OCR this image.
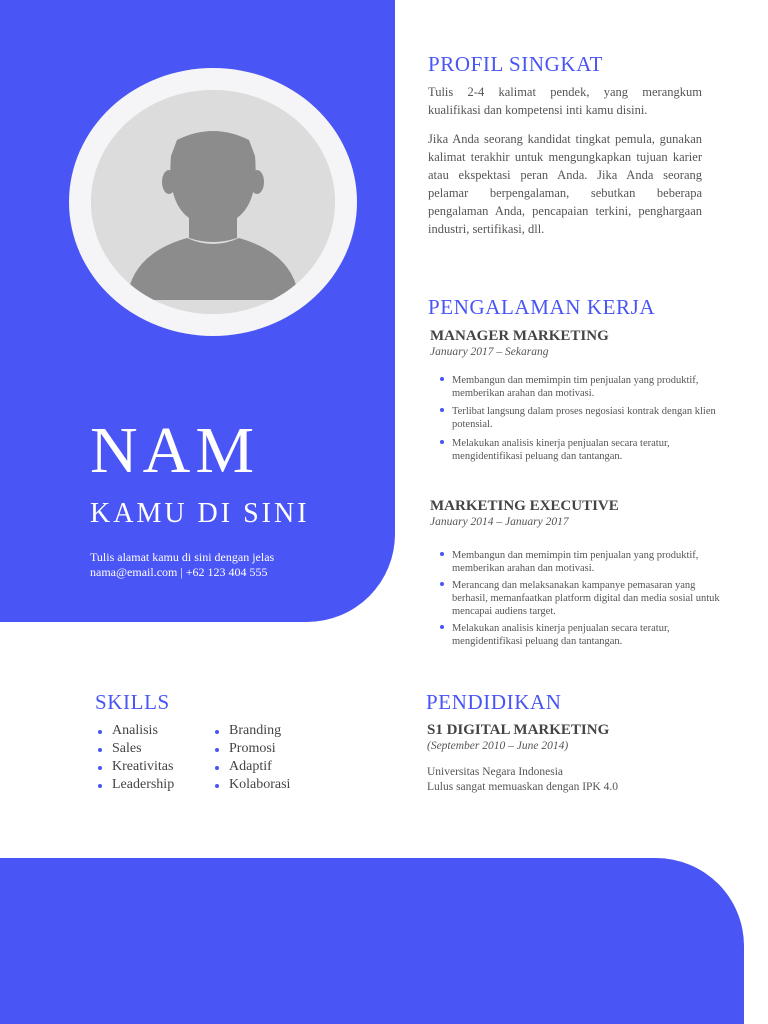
NAM
KAMU DI SINI
Tulis alamat kamu di sini dengan jelas
nama@email.com | +62 123 404 555
PROFIL SINGKAT

Tulis 2-4 kalimat pendek, yang merangkum kualifikasi dan kompetensi inti kamu disini.

Jika Anda seorang kandidat tingkat pemula, gunakan kalimat terakhir untuk mengungkapkan tujuan karier atau ekspektasi peran Anda. Jika Anda seorang pelamar berpengalaman, sebutkan beberapa pengalaman Anda, pencapaian terkini, penghargaan industri, sertifikasi, dll.

PENGALAMAN KERJA
MANAGER MARKETING
January 2017 – Sekarang
Membangun dan memimpin tim penjualan yang produktif, memberikan arahan dan motivasi.
Terlibat langsung dalam proses negosiasi kontrak dengan klien potensial.
Melakukan analisis kinerja penjualan secara teratur, mengidentifikasi peluang dan tantangan.
MARKETING EXECUTIVE
January 2014 – January 2017
Membangun dan memimpin tim penjualan yang produktif, memberikan arahan dan motivasi.
Merancang dan melaksanakan kampanye pemasaran yang berhasil, memanfaatkan platform digital dan media sosial untuk mencapai audiens target.
Melakukan analisis kinerja penjualan secara teratur, mengidentifikasi peluang dan tantangan.
SKILLS
Analisis
Sales
Kreativitas
Leadership
Branding
Promosi
Adaptif
Kolaborasi
PENDIDIKAN
S1 DIGITAL MARKETING
(September 2010 – June 2014)
Universitas Negara Indonesia
Lulus sangat memuaskan dengan IPK 4.0
